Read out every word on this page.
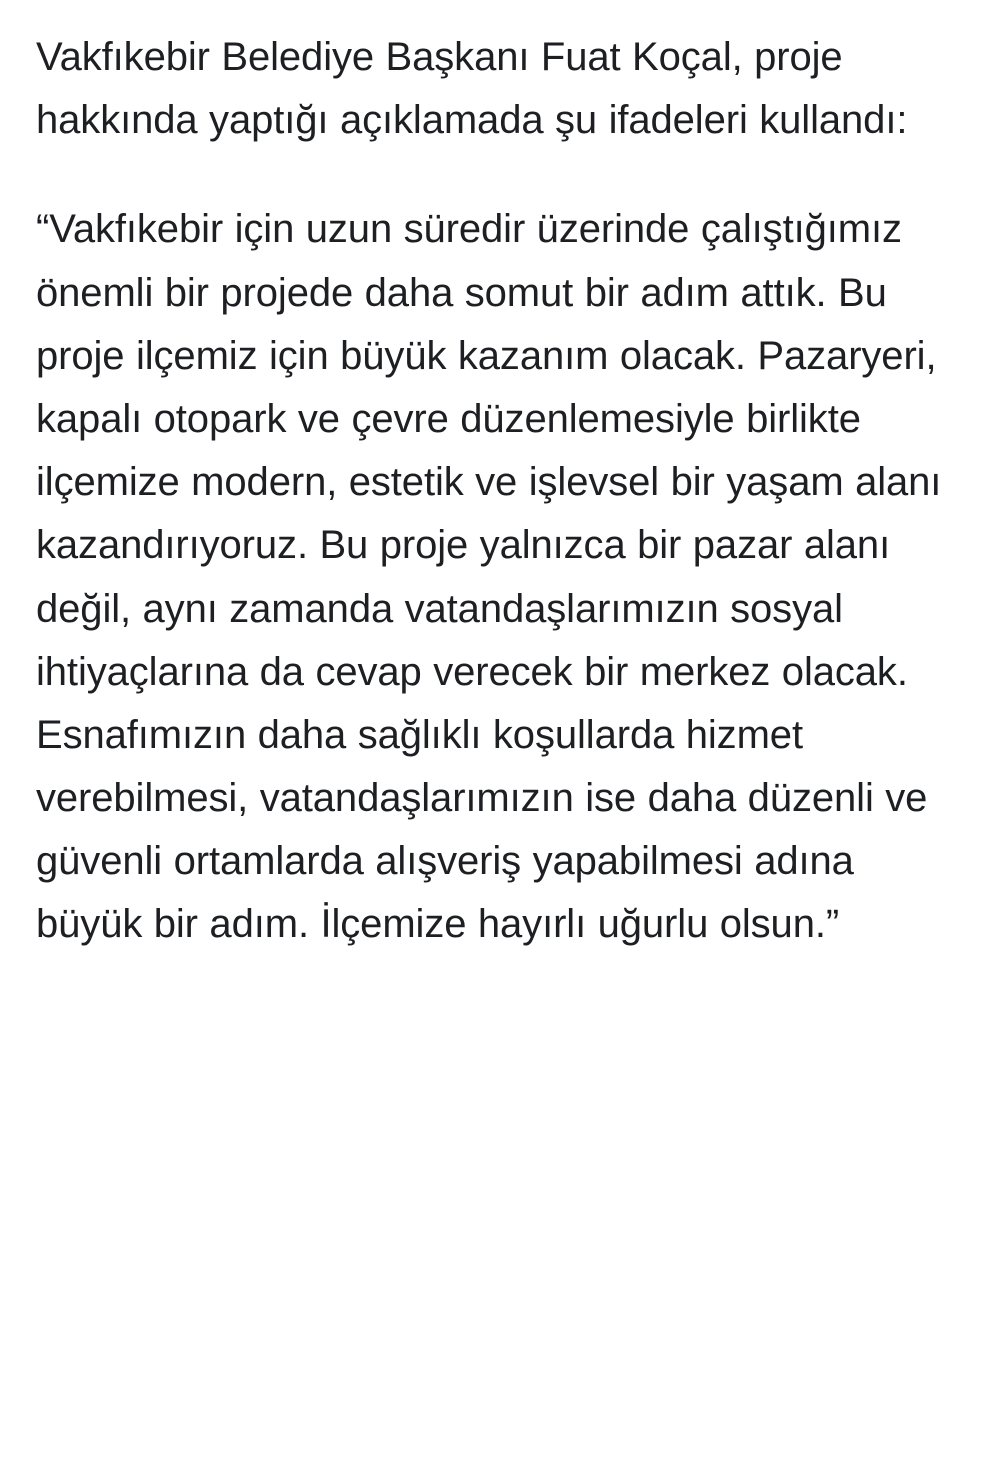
Vakfıkebir Belediye Başkanı Fuat Koçal, proje hakkında yaptığı açıklamada şu ifadeleri kullandı:

“Vakfıkebir için uzun süredir üzerinde çalıştığımız önemli bir projede daha somut bir adım attık. Bu proje ilçemiz için büyük kazanım olacak. Pazaryeri, kapalı otopark ve çevre düzenlemesiyle birlikte ilçemize modern, estetik ve işlevsel bir yaşam alanı kazandırıyoruz. Bu proje yalnızca bir pazar alanı değil, aynı zamanda vatandaşlarımızın sosyal ihtiyaçlarına da cevap verecek bir merkez olacak. Esnafımızın daha sağlıklı koşullarda hizmet verebilmesi, vatandaşlarımızın ise daha düzenli ve güvenli ortamlarda alışveriş yapabilmesi adına büyük bir adım. İlçemize hayırlı uğurlu olsun.”
